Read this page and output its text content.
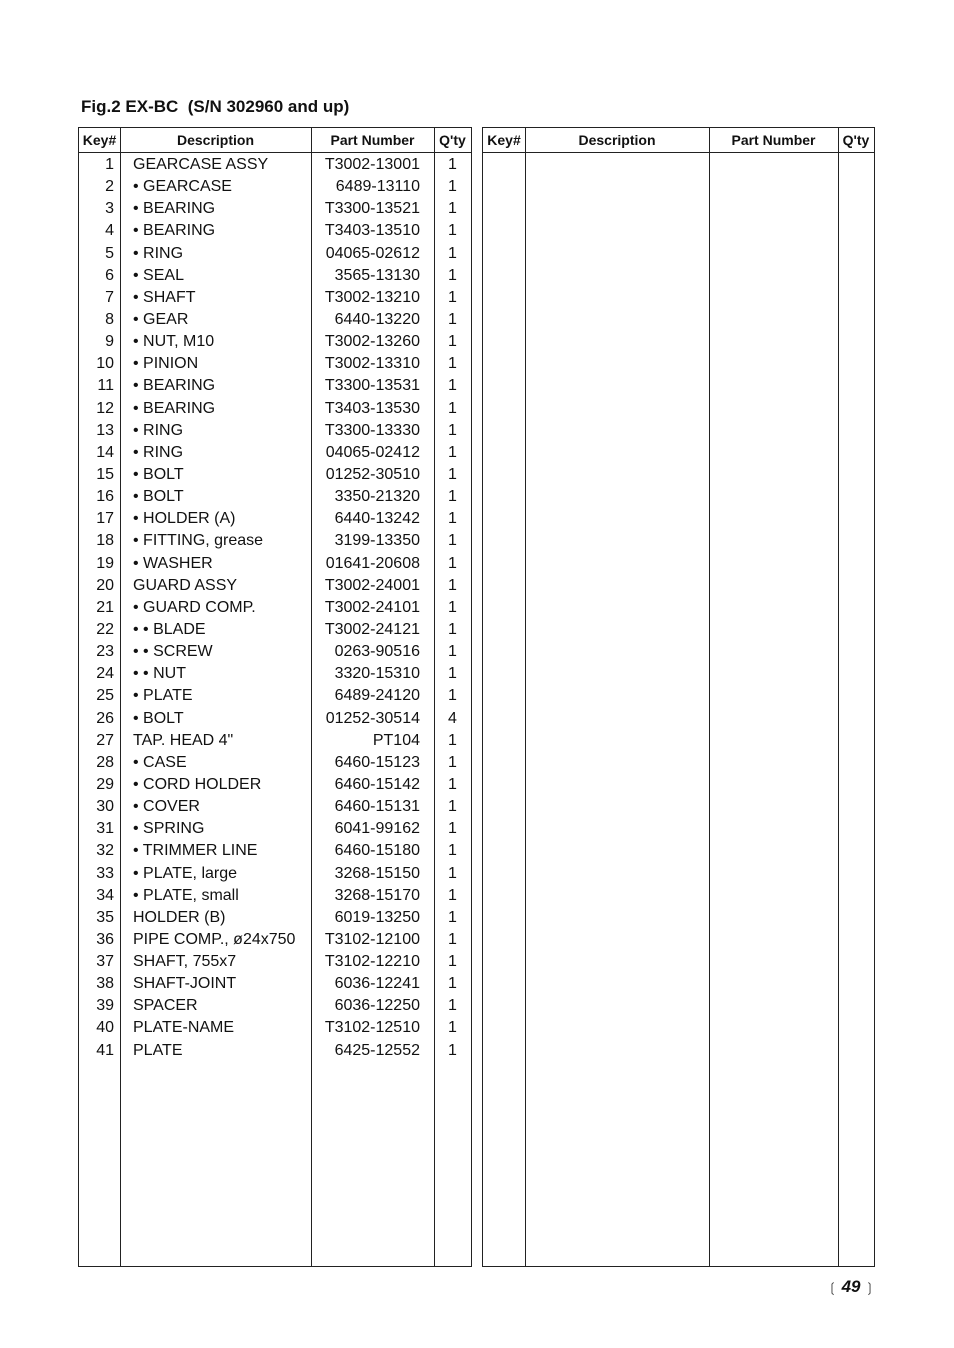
Fig.2 EX-BC  (S/N 302960 and up)
Key#	Description	Part Number	Q'ty
1 GEARCASE ASSY	T3002-13001	1
2 • GEARCASE	6489-13110	1
3 • BEARING	T3300-13521	1
4 • BEARING	T3403-13510	1
5 • RING	04065-02612	1
6 • SEAL	3565-13130	1
7 • SHAFT	T3002-13210	1
8 • GEAR	6440-13220	1
9 • NUT, M10	T3002-13260	1
10 • PINION	T3002-13310	1
11 • BEARING	T3300-13531	1
12 • BEARING	T3403-13530	1
13 • RING	T3300-13330	1
14 • RING	04065-02412	1
15 • BOLT	01252-30510	1
16 • BOLT	3350-21320	1
17 • HOLDER (A)	6440-13242	1
18 • FITTING, grease	3199-13350	1
19 • WASHER	01641-20608	1
20 GUARD ASSY	T3002-24001	1
21 • GUARD COMP.	T3002-24101	1
22 • • BLADE	T3002-24121	1
23 • • SCREW	0263-90516	1
24 • • NUT	3320-15310	1
25 • PLATE	6489-24120	1
26 • BOLT	01252-30514	4
27 TAP. HEAD 4"	PT104	1
28 • CASE	6460-15123	1
29 • CORD HOLDER	6460-15142	1
30 • COVER	6460-15131	1
31 • SPRING	6041-99162	1
32 • TRIMMER LINE	6460-15180	1
33 • PLATE, large	3268-15150	1
34 • PLATE, small	3268-15170	1
35 HOLDER (B)	6019-13250	1
36 PIPE COMP., ø24x750 T3102-12100	1
37 SHAFT, 755x7	T3102-12210	1
38 SHAFT-JOINT	6036-12241	1
39 SPACER	6036-12250	1
40 PLATE-NAME	T3102-12510	1
41 PLATE	6425-12552	1
Key#	Description	Part Number	Q'ty
❲ 49 ❳
